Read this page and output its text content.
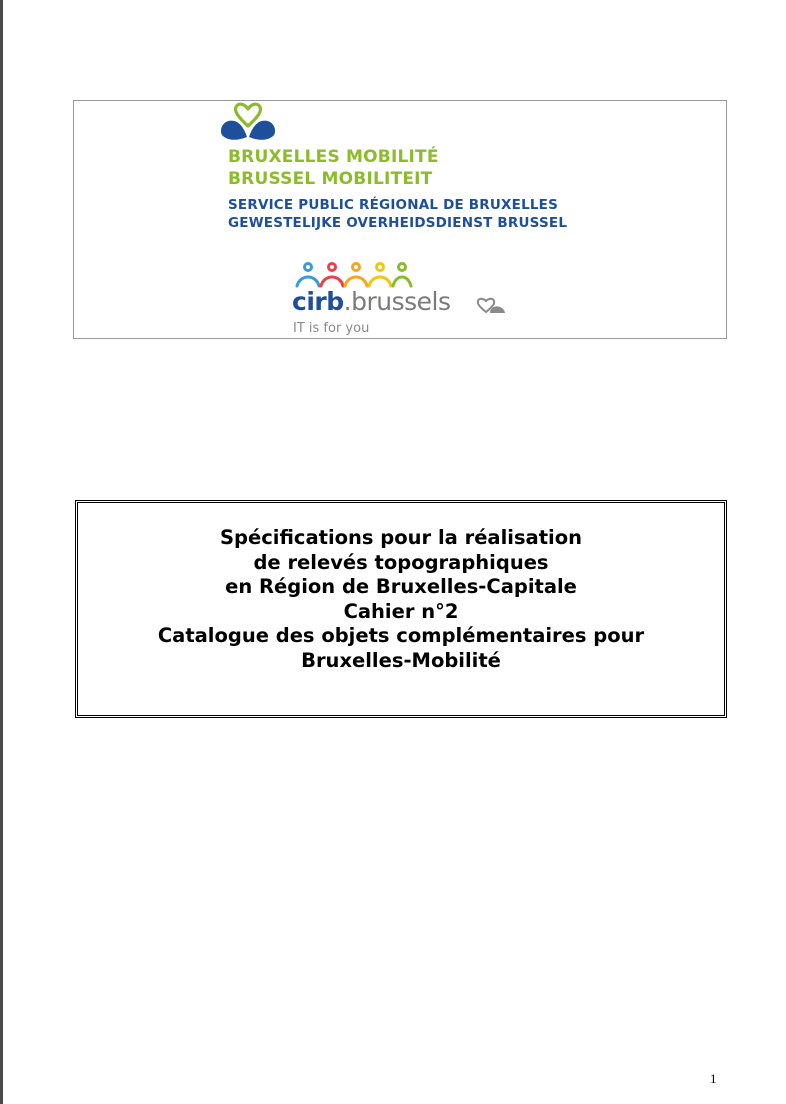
BRUXELLES MOBILITÉ
BRUSSEL MOBILITEIT
SERVICE PUBLIC RÉGIONAL DE BRUXELLES
GEWESTELIJKE OVERHEIDSDIENST BRUSSEL
cirb.brussels
IT is for you
Spécifications pour la réalisation
de relevés topographiques
en Région de Bruxelles-Capitale
Cahier n°2
Catalogue des objets complémentaires pour
Bruxelles-Mobilité
1
